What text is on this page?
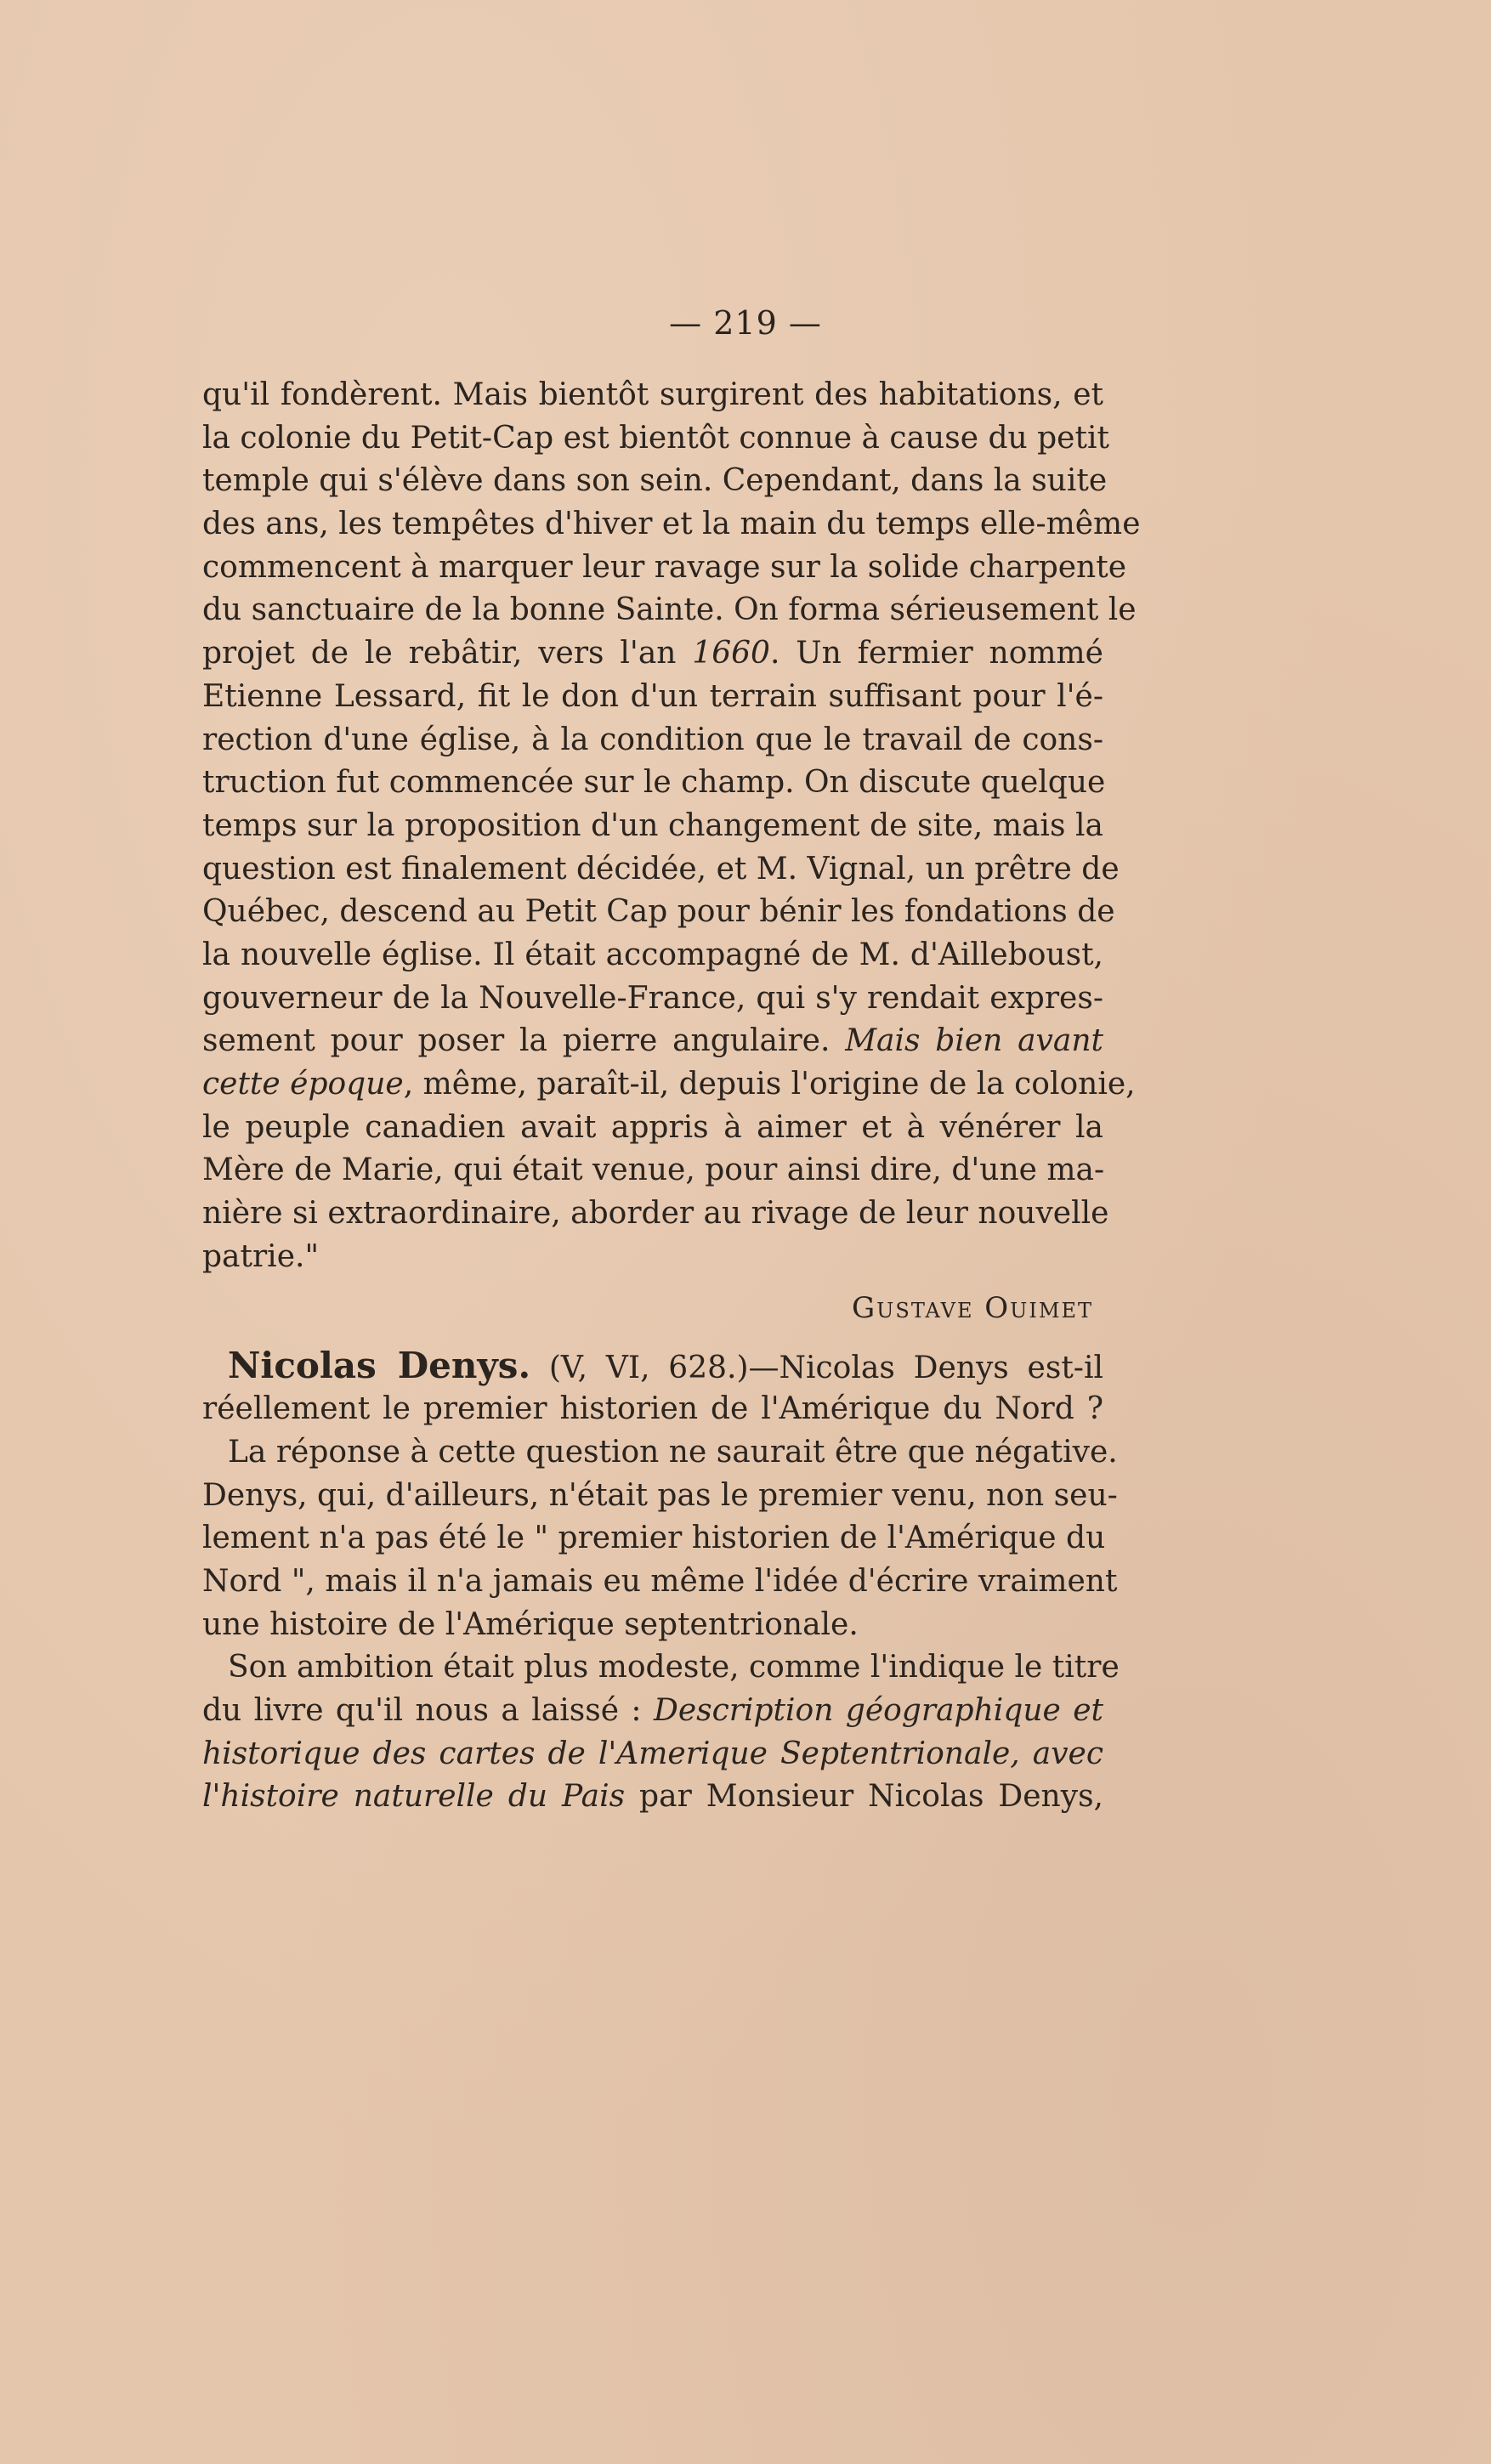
— 219 —
qu'il fondèrent. Mais bientôt surgirent des habitations, et
la colonie du Petit-Cap est bientôt connue à cause du petit
temple qui s'élève dans son sein. Cependant, dans la suite
des ans, les tempêtes d'hiver et la main du temps elle-même
commencent à marquer leur ravage sur la solide charpente
du sanctuaire de la bonne Sainte. On forma sérieusement le
projet de le rebâtir, vers l'an 1660. Un fermier nommé
Etienne Lessard, fit le don d'un terrain suffisant pour l'é-
rection d'une église, à la condition que le travail de cons-
truction fut commencée sur le champ. On discute quelque
temps sur la proposition d'un changement de site, mais la
question est finalement décidée, et M. Vignal, un prêtre de
Québec, descend au Petit Cap pour bénir les fondations de
la nouvelle église. Il était accompagné de M. d'Ailleboust,
gouverneur de la Nouvelle-France, qui s'y rendait expres-
sement pour poser la pierre angulaire. Mais bien avant
cette époque, même, paraît-il, depuis l'origine de la colonie,
le peuple canadien avait appris à aimer et à vénérer la
Mère de Marie, qui était venue, pour ainsi dire, d'une ma-
nière si extraordinaire, aborder au rivage de leur nouvelle
patrie."
Gustave Ouimet
Nicolas Denys. (V, VI, 628.)—Nicolas Denys est-il
réellement le premier historien de l'Amérique du Nord ?
La réponse à cette question ne saurait être que négative.
Denys, qui, d'ailleurs, n'était pas le premier venu, non seu-
lement n'a pas été le " premier historien de l'Amérique du
Nord ", mais il n'a jamais eu même l'idée d'écrire vraiment
une histoire de l'Amérique septentrionale.
Son ambition était plus modeste, comme l'indique le titre
du livre qu'il nous a laissé : Description géographique et
historique des cartes de l'Amerique Septentrionale, avec
l'histoire naturelle du Pais par Monsieur Nicolas Denys,
